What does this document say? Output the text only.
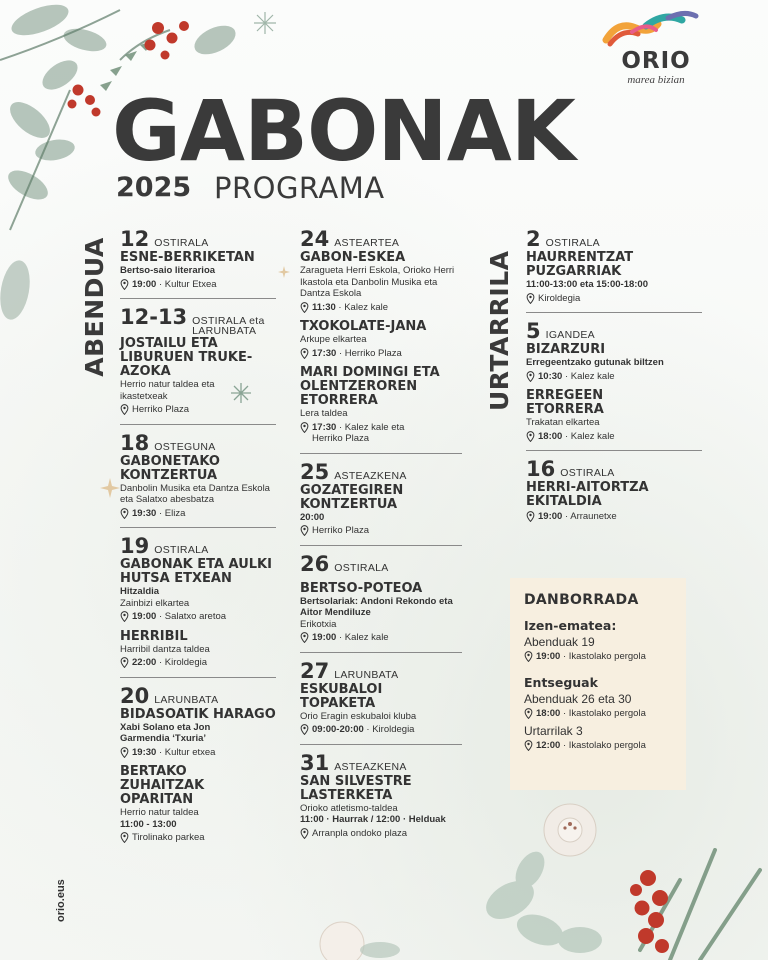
ORIO
marea bizian
GABONAK
2025 PROGRAMA
ABENDUA	URTARRILA
12 OSTIRALA
ESNE-BERRIKETAN
Bertso-saio literarioa
19:00 · Kultur Etxea
12-13 OSTIRALA eta LARUNBATA
JOSTAILU ETA LIBURUEN TRUKE-AZOKA
Herrio natur taldea eta ikastetxeak
Herriko Plaza
18 OSTEGUNA
GABONETAKO KONTZERTUA
Danbolin Musika eta Dantza Eskola eta Salatxo abesbatza
19:30 · Eliza
19 OSTIRALA
GABONAK ETA AULKI HUTSA ETXEAN
Hitzaldia
Zainbizi elkartea
19:00 · Salatxo aretoa
HERRIBIL
Harribil dantza taldea
22:00 · Kiroldegia
20 LARUNBATA
BIDASOATIK HARAGO
Xabi Solano eta Jon Garmendia ‘Txuria’
19:30 · Kultur etxea
BERTAKO ZUHAITZAK OPARITAN
Herrio natur taldea
11:00 - 13:00
Tirolinako parkea
24 ASTEARTEA
GABON-ESKEA
Zaragueta Herri Eskola, Orioko Herri Ikastola eta Danbolin Musika eta Dantza Eskola
11:30 · Kalez kale
TXOKOLATE-JANA
Arkupe elkartea
17:30 · Herriko Plaza
MARI DOMINGI ETA OLENTZEROREN ETORRERA
Lera taldea
17:30 · Kalez kale eta Herriko Plaza
25 ASTEAZKENA
GOZATEGIREN KONTZERTUA
20:00
Herriko Plaza
26 OSTIRALA
BERTSO-POTEOA
Bertsolariak: Andoni Rekondo eta Aitor Mendiluze
Erikotxia
19:00 · Kalez kale
27 LARUNBATA
ESKUBALOI TOPAKETA
Orio Eragin eskubaloi kluba
09:00-20:00 · Kiroldegia
31 ASTEAZKENA
SAN SILVESTRE LASTERKETA
Orioko atletismo-taldea
11:00 · Haurrak / 12:00 · Helduak
Arranpla ondoko plaza
2 OSTIRALA
HAURRENTZAT PUZGARRIAK
11:00-13:00 eta 15:00-18:00
Kiroldegia
5 IGANDEA
BIZARZURI
Erregeentzako gutunak biltzen
10:30 · Kalez kale
ERREGEEN ETORRERA
Trakatan elkartea
18:00 · Kalez kale
16 OSTIRALA
HERRI-AITORTZA EKITALDIA
19:00 · Arraunetxe
DANBORRADA
Izen-ematea:
Abenduak 19
19:00 · Ikastolako pergola
Entseguak
Abenduak 26 eta 30
18:00 · Ikastolako pergola
Urtarrilak 3
12:00 · Ikastolako pergola
orio.eus
